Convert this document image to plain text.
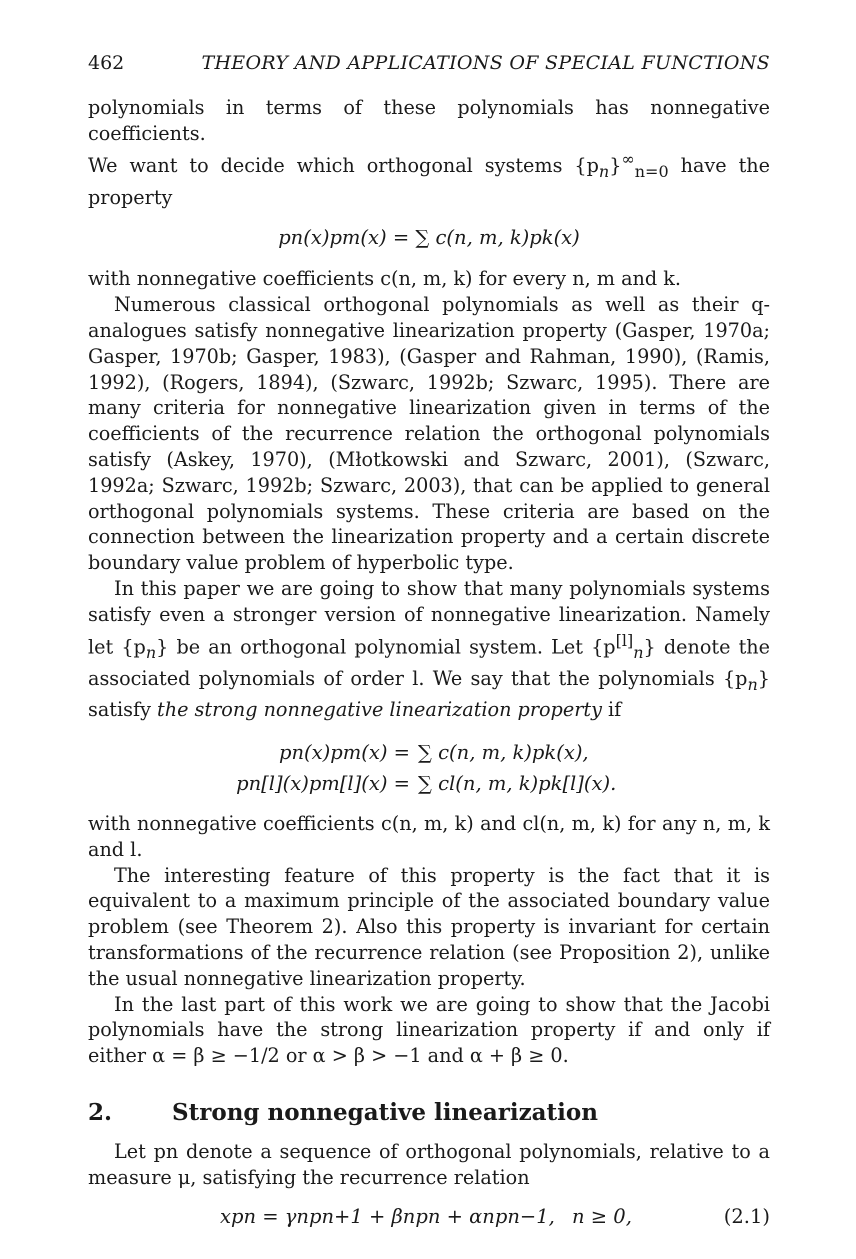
462	THEORY AND APPLICATIONS OF SPECIAL FUNCTIONS

polynomials in terms of these polynomials has nonnegative coefficients.
We want to decide which orthogonal systems $\{p_n\}^\infty_{n=0}$ have the property

pn(x)pm(x) = ∑ c(n, m, k)pk(x)

with nonnegative coefficients c(n, m, k) for every n, m and k.

Numerous classical orthogonal polynomials as well as their q-analogues satisfy nonnegative linearization property (Gasper, 1970a; Gasper, 1970b; Gasper, 1983), (Gasper and Rahman, 1990), (Ramis, 1992), (Rogers, 1894), (Szwarc, 1992b; Szwarc, 1995). There are many criteria for nonnegative linearization given in terms of the coefficients of the recurrence relation the orthogonal polynomials satisfy (Askey, 1970), (Młotkowski and Szwarc, 2001), (Szwarc, 1992a; Szwarc, 1992b; Szwarc, 2003), that can be applied to general orthogonal polynomials systems. These criteria are based on the connection between the linearization property and a certain discrete boundary value problem of hyperbolic type.

In this paper we are going to show that many polynomials systems satisfy even a stronger version of nonnegative linearization. Namely let $\{p_n\}$ be an orthogonal polynomial system. Let $\{p[l]_n\}$ denote the associated polynomials of order l. We say that the polynomials $\{p_n\}$ satisfy the strong nonnegative linearization property if

pn(x)pm(x) = ∑ c(n, m, k)pk(x),
pn[l](x)pm[l](x) = ∑ cl(n, m, k)pk[l](x).

with nonnegative coefficients c(n, m, k) and cl(n, m, k) for any n, m, k and l.

The interesting feature of this property is the fact that it is equivalent to a maximum principle of the associated boundary value problem (see Theorem 2). Also this property is invariant for certain transformations of the recurrence relation (see Proposition 2), unlike the usual nonnegative linearization property.

In the last part of this work we are going to show that the Jacobi polynomials have the strong linearization property if and only if either α = β ≥ −1/2 or α > β > −1 and α + β ≥ 0.

2.	Strong nonnegative linearization

Let pn denote a sequence of orthogonal polynomials, relative to a measure μ, satisfying the recurrence relation

xpn = γnpn+1 + βnpn + αnpn−1, n ≥ 0,	(2.1)
